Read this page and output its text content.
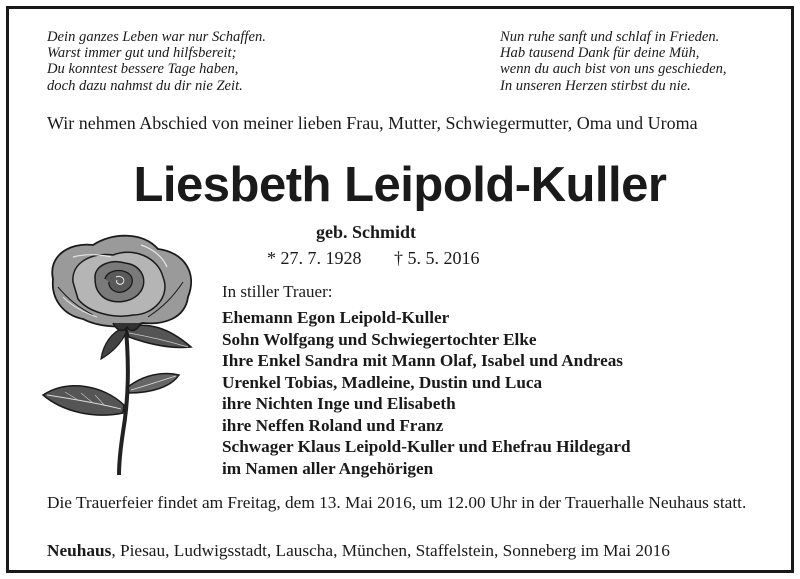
Dein ganzes Leben war nur Schaffen.
Warst immer gut und hilfsbereit;
Du konntest bessere Tage haben,
doch dazu nahmst du dir nie Zeit.
Nun ruhe sanft und schlaf in Frieden.
Hab tausend Dank für deine Müh,
wenn du auch bist von uns geschieden,
In unseren Herzen stirbst du nie.
Wir nehmen Abschied von meiner lieben Frau, Mutter, Schwiegermutter, Oma und Uroma
Liesbeth Leipold-Kuller
geb. Schmidt
* 27. 7. 1928 † 5. 5. 2016
In stiller Trauer:
Ehemann Egon Leipold-Kuller
Sohn Wolfgang und Schwiegertochter Elke
Ihre Enkel Sandra mit Mann Olaf, Isabel und Andreas
Urenkel Tobias, Madleine, Dustin und Luca
ihre Nichten Inge und Elisabeth
ihre Neffen Roland und Franz
Schwager Klaus Leipold-Kuller und Ehefrau Hildegard
im Namen aller Angehörigen
Die Trauerfeier findet am Freitag, dem 13. Mai 2016, um 12.00 Uhr in der Trauerhalle Neuhaus statt.
Neuhaus, Piesau, Ludwigsstadt, Lauscha, München, Staffelstein, Sonneberg im Mai 2016
